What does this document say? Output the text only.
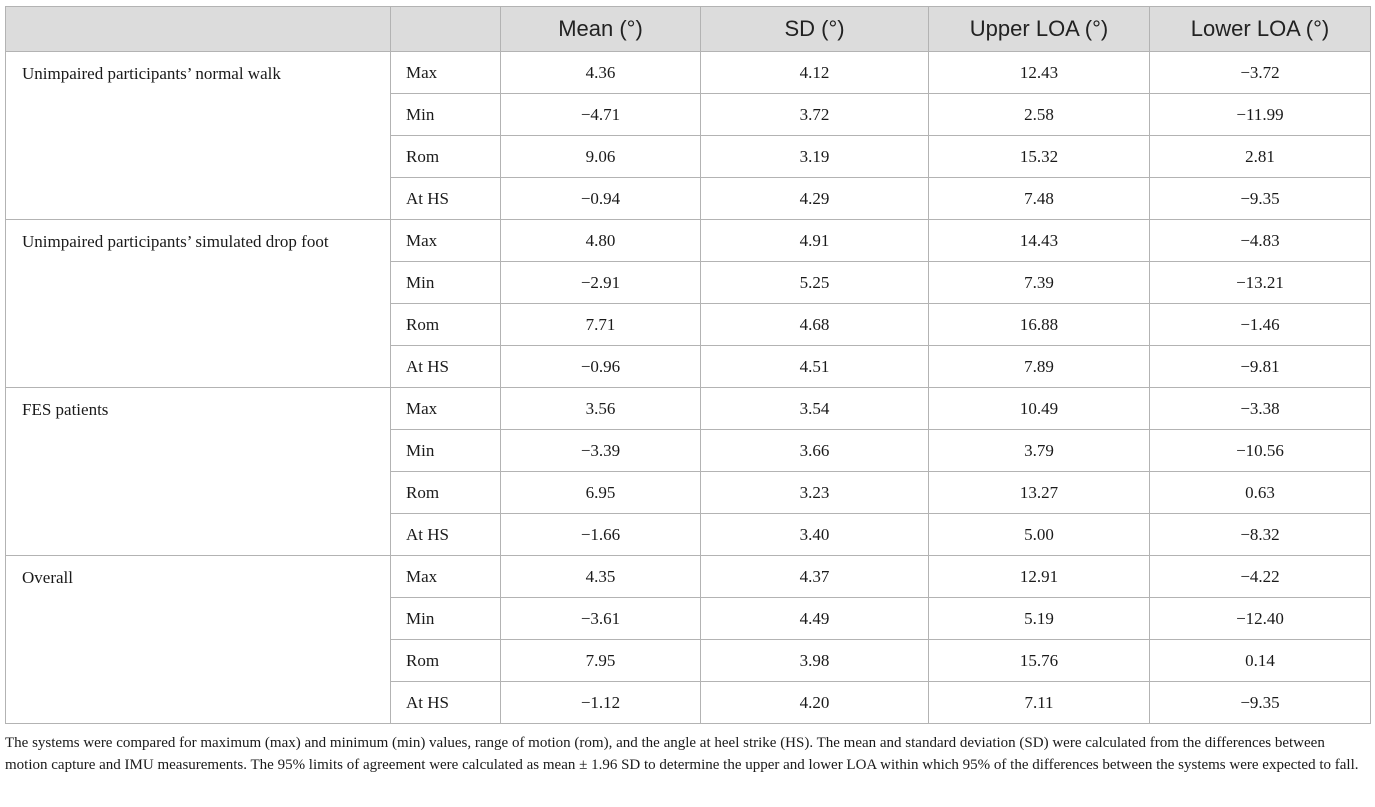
		Mean (°)	SD (°)	Upper LOA (°)	Lower LOA (°)
Unimpaired participants’ normal walk	Max	4.36	4.12	12.43	−3.72
	Min	−4.71	3.72	2.58	−11.99
	Rom	9.06	3.19	15.32	2.81
	At HS	−0.94	4.29	7.48	−9.35
Unimpaired participants’ simulated drop foot	Max	4.80	4.91	14.43	−4.83
	Min	−2.91	5.25	7.39	−13.21
	Rom	7.71	4.68	16.88	−1.46
	At HS	−0.96	4.51	7.89	−9.81
FES patients	Max	3.56	3.54	10.49	−3.38
	Min	−3.39	3.66	3.79	−10.56
	Rom	6.95	3.23	13.27	0.63
	At HS	−1.66	3.40	5.00	−8.32
Overall	Max	4.35	4.37	12.91	−4.22
	Min	−3.61	4.49	5.19	−12.40
	Rom	7.95	3.98	15.76	0.14
	At HS	−1.12	4.20	7.11	−9.35

The systems were compared for maximum (max) and minimum (min) values, range of motion (rom), and the angle at heel strike (HS). The mean and standard deviation (SD) were calculated from the differences between motion capture and IMU measurements. The 95% limits of agreement were calculated as mean ± 1.96 SD to determine the upper and lower LOA within which 95% of the differences between the systems were expected to fall.
